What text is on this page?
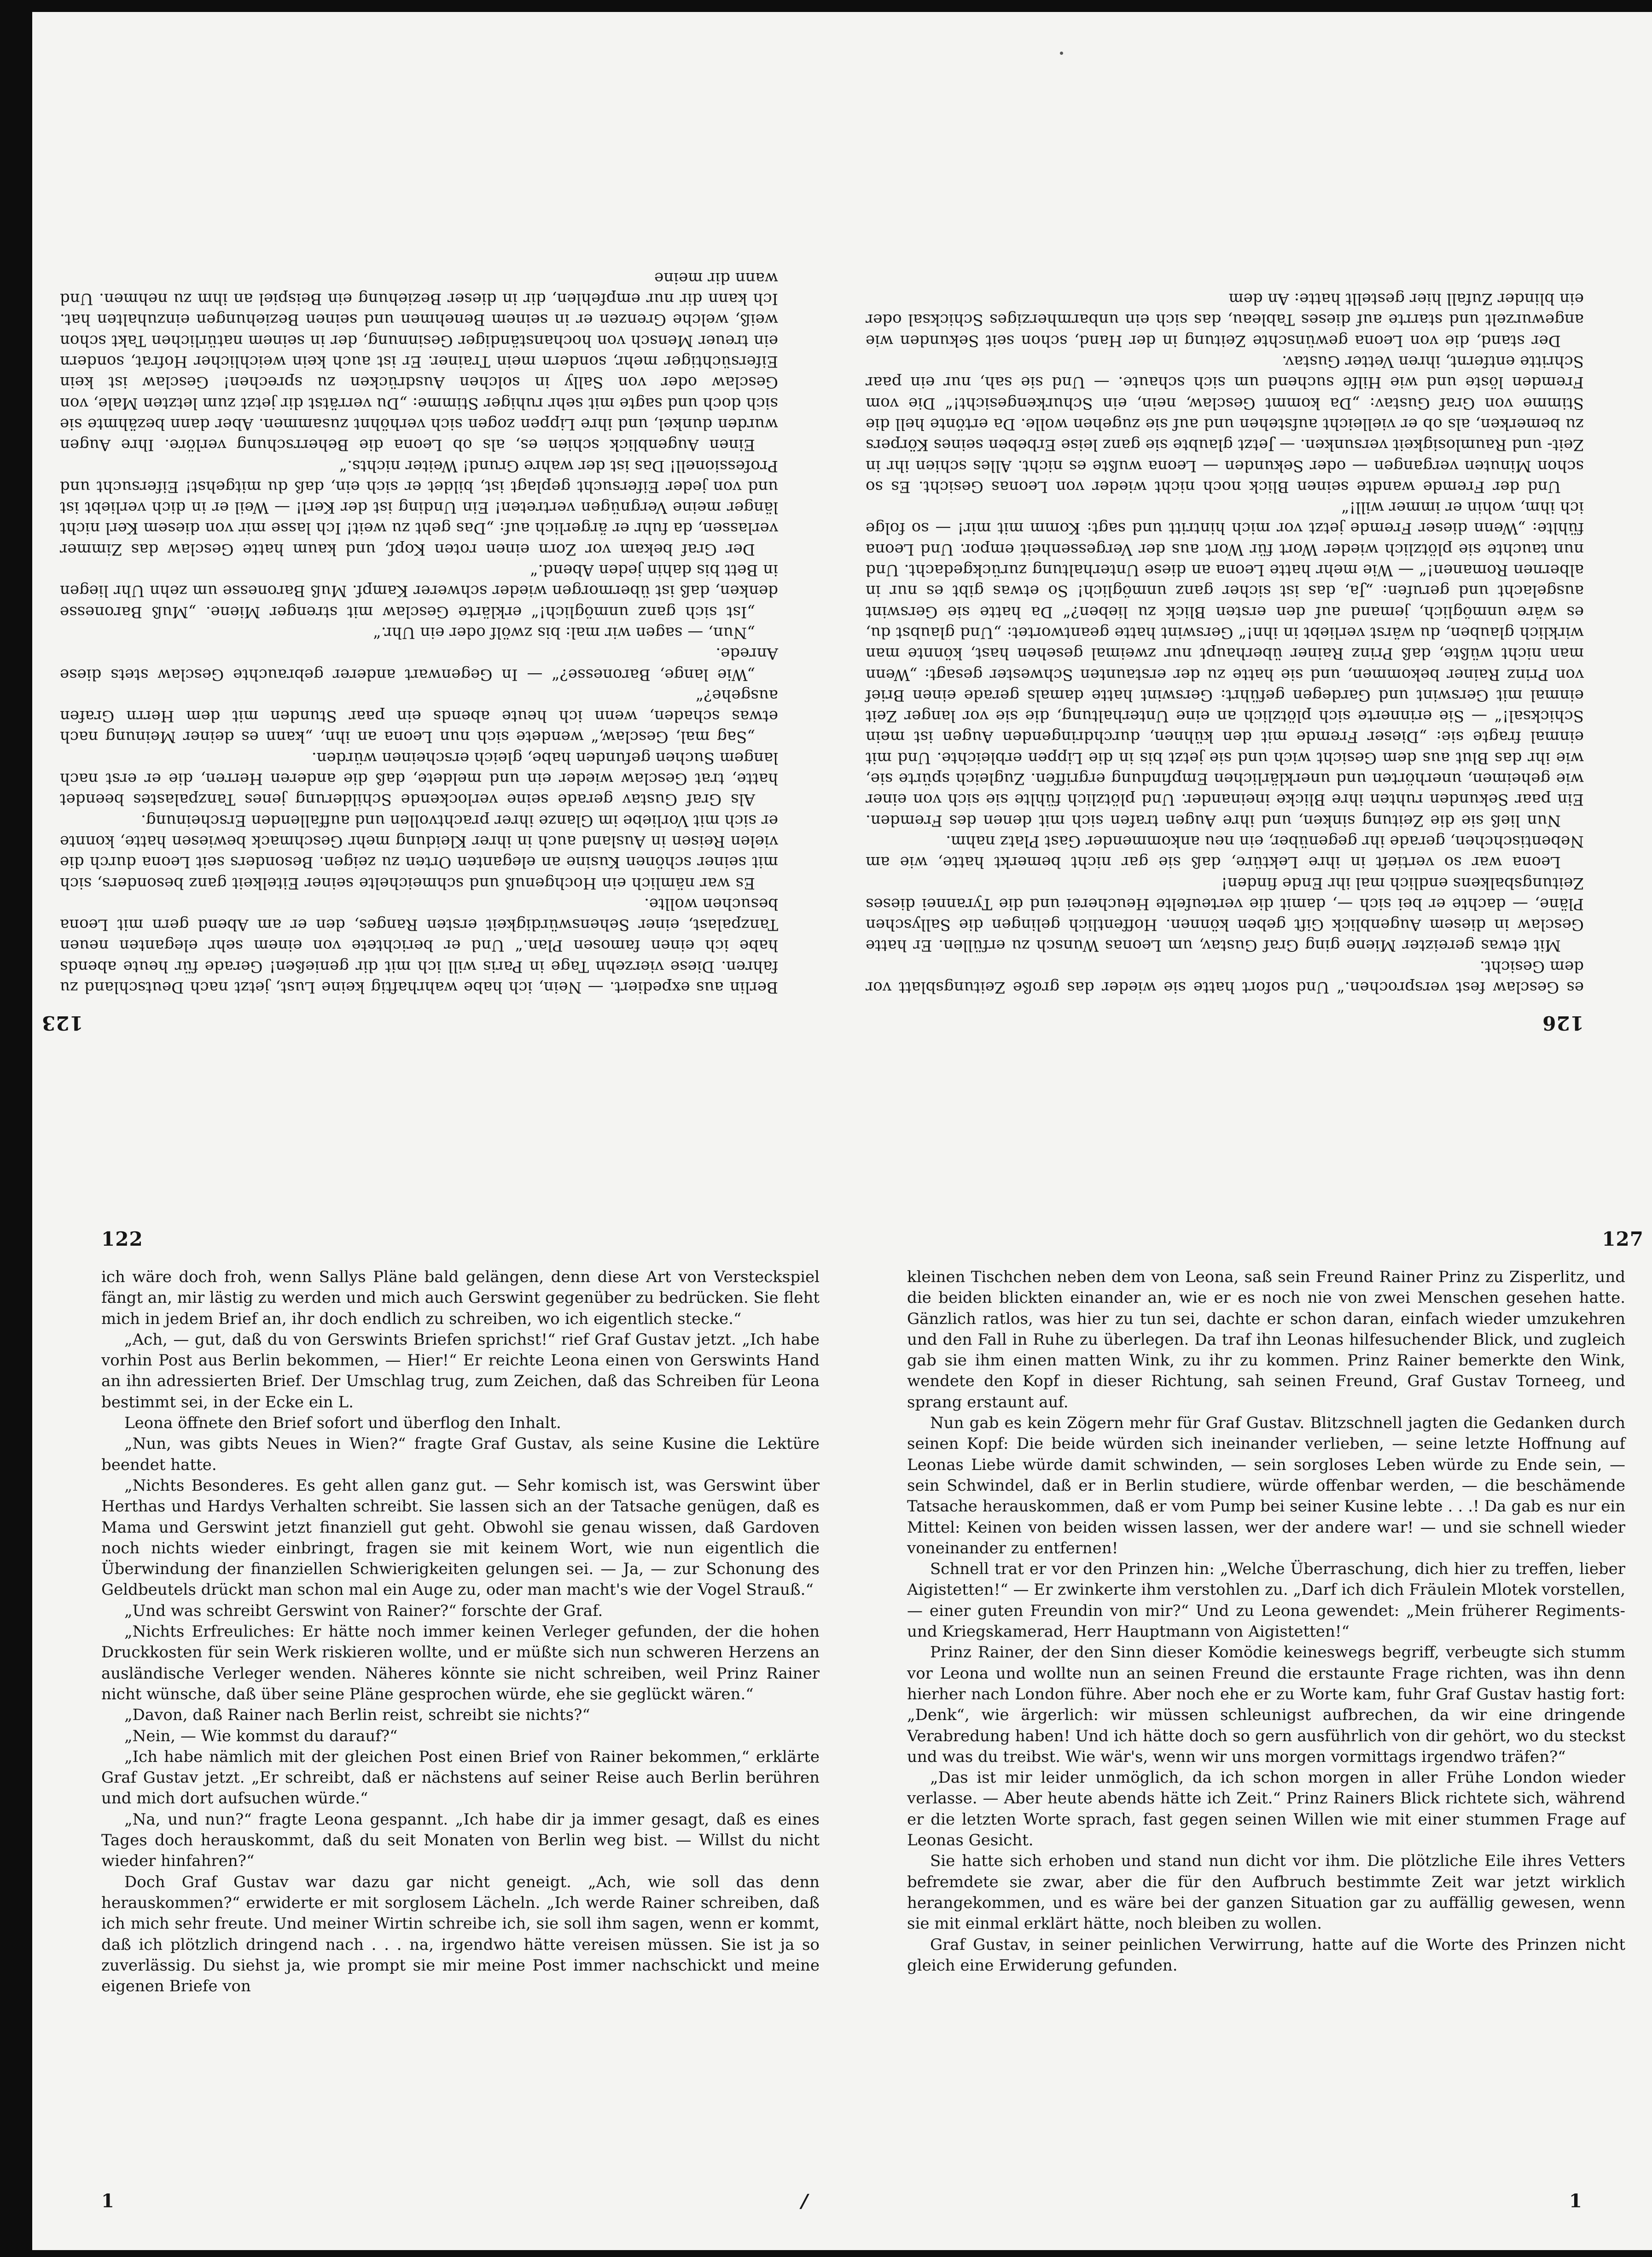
126

es Gesclaw fest versprochen.“ Und sofort hatte sie wieder das große Zeitungsblatt vor dem Gesicht.

Mit etwas gereizter Miene ging Graf Gustav, um Leonas Wunsch zu erfüllen. Er hatte Gesclaw in diesem Augenblick Gift geben können. Hoffentlich gelingen die Sallyschen Pläne, — dachte er bei sich —, damit die verteufelte Heucherei und die Tyrannei dieses Zeitungsbalkens endlich mal ihr Ende finden!

Leona war so vertieft in ihre Lektüre, daß sie gar nicht bemerkt hatte, wie am Nebentischchen, gerade ihr gegenüber, ein neu ankommender Gast Platz nahm.

Nun ließ sie die Zeitung sinken, und ihre Augen trafen sich mit denen des Fremden. Ein paar Sekunden ruhten ihre Blicke ineinander. Und plötzlich fühlte sie sich von einer wie geheimen, unerhörten und unerklärlichen Empfindung ergriffen. Zugleich spürte sie, wie ihr das Blut aus dem Gesicht wich und sie jetzt bis in die Lippen erbleichte. Und mit einmal fragte sie: „Dieser Fremde mit den kühnen, durchdringenden Augen ist mein Schicksal!“ — Sie erinnerte sich plötzlich an eine Unterhaltung, die sie vor langer Zeit einmal mit Gerswint und Gardegen geführt: Gerswint hatte damals gerade einen Brief von Prinz Rainer bekommen, und sie hatte zu der erstaunten Schwester gesagt: „Wenn man nicht wüßte, daß Prinz Rainer überhaupt nur zweimal gesehen hast, könnte man wirklich glauben, du wärst verliebt in ihn!“ Gerswint hatte geantwortet: „Und glaubst du, es wäre unmöglich, jemand auf den ersten Blick zu lieben?“ Da hatte sie Gerswint ausgelacht und gerufen: „Ja, das ist sicher ganz unmöglich! So etwas gibt es nur in albernen Romanen!“ — Wie mehr hatte Leona an diese Unterhaltung zurückgedacht. Und nun tauchte sie plötzlich wieder Wort für Wort aus der Vergessenheit empor. Und Leona fühlte: „Wenn dieser Fremde jetzt vor mich hintritt und sagt: Komm mit mir! — so folge ich ihm, wohin er immer will!“

Und der Fremde wandte seinen Blick noch nicht wieder von Leonas Gesicht. Es so schon Minuten vergangen — oder Sekunden — Leona wußte es nicht. Alles schien ihr in Zeit- und Raumlosigkeit versunken. — Jetzt glaubte sie ganz leise Erbeben seines Körpers zu bemerken, als ob er vielleicht aufstehen und auf sie zugehen wolle. Da ertönte hell die Stimme von Graf Gustav: „Da kommt Gesclaw, nein, ein Schurkengesicht!“ Die vom Fremden löste und wie Hilfe suchend um sich schaute. — Und sie sah, nur ein paar Schritte entfernt, ihren Vetter Gustav.

Der stand, die von Leona gewünschte Zeitung in der Hand, schon seit Sekunden wie angewurzelt und starrte auf dieses Tableau, das sich ein unbarmherziges Schicksal oder ein blinder Zufall hier gestellt hatte: An dem

123

Berlin aus expediert. — Nein, ich habe wahrhaftig keine Lust, jetzt nach Deutschland zu fahren. Diese vierzehn Tage in Paris will ich mit dir genießen! Gerade für heute abends habe ich einen famosen Plan.“ Und er berichtete von einem sehr eleganten neuen Tanzpalast, einer Sehenswürdigkeit ersten Ranges, den er am Abend gern mit Leona besuchen wollte.

Es war nämlich ein Hochgenuß und schmeichelte seiner Eitelkeit ganz besonders, sich mit seiner schönen Kusine an eleganten Orten zu zeigen. Besonders seit Leona durch die vielen Reisen in Ausland auch in ihrer Kleidung mehr Geschmack bewiesen hatte, konnte er sich mit Vorliebe im Glanze ihrer prachtvollen und auffallenden Erscheinung.

Als Graf Gustav gerade seine verlockende Schilderung jenes Tanzpalastes beendet hatte, trat Gesclaw wieder ein und meldete, daß die anderen Herren, die er erst nach langem Suchen gefunden habe, gleich erscheinen würden.

„Sag mal, Gesclaw,“ wendete sich nun Leona an ihn, „kann es deiner Meinung nach etwas schaden, wenn ich heute abends ein paar Stunden mit dem Herrn Grafen ausgehe?“

„Wie lange, Baronesse?“ — In Gegenwart anderer gebrauchte Gesclaw stets diese Anrede.

„Nun, — sagen wir mal: bis zwölf oder ein Uhr.“

„Ist sich ganz unmöglich!“ erklärte Gesclaw mit strenger Miene. „Muß Baronesse denken, daß ist übermorgen wieder schwerer Kampf. Muß Baronesse um zehn Uhr liegen in Bett bis dahin jeden Abend.“

Der Graf bekam vor Zorn einen roten Kopf, und kaum hatte Gesclaw das Zimmer verlassen, da fuhr er ärgerlich auf: „Das geht zu weit! Ich lasse mir von diesem Kerl nicht länger meine Vergnügen vertreten! Ein Unding ist der Kerl! — Weil er in dich verliebt ist und von jeder Eifersucht geplagt ist, bildet er sich ein, daß du mitgehst! Eifersucht und Professionell! Das ist der wahre Grund! Weiter nichts.“

Einen Augenblick schien es, als ob Leona die Beherrschung verlöre. Ihre Augen wurden dunkel, und ihre Lippen zogen sich verhöhnt zusammen. Aber dann bezähmte sie sich doch und sagte mit sehr ruhiger Stimme: „Du verrätst dir jetzt zum letzten Male, von Gesclaw oder von Sally in solchen Ausdrücken zu sprechen! Gesclaw ist kein Eifersüchtiger mehr, sondern mein Trainer. Er ist auch kein weichlicher Hofrat, sondern ein treuer Mensch von hochanständiger Gesinnung, der in seinem natürlichen Takt schon weiß, welche Grenzen er in seinem Benehmen und seinen Beziehungen einzuhalten hat. Ich kann dir nur empfehlen, dir in dieser Beziehung ein Beispiel an ihm zu nehmen. Und wann dir meine

122

ich wäre doch froh, wenn Sallys Pläne bald gelängen, denn diese Art von Versteckspiel fängt an, mir lästig zu werden und mich auch Gerswint gegenüber zu bedrücken. Sie fleht mich in jedem Brief an, ihr doch endlich zu schreiben, wo ich eigentlich stecke.“

„Ach, — gut, daß du von Gerswints Briefen sprichst!“ rief Graf Gustav jetzt. „Ich habe vorhin Post aus Berlin bekommen, — Hier!“ Er reichte Leona einen von Gerswints Hand an ihn adressierten Brief. Der Umschlag trug, zum Zeichen, daß das Schreiben für Leona bestimmt sei, in der Ecke ein L.

Leona öffnete den Brief sofort und überflog den Inhalt.

„Nun, was gibts Neues in Wien?“ fragte Graf Gustav, als seine Kusine die Lektüre beendet hatte.

„Nichts Besonderes. Es geht allen ganz gut. — Sehr komisch ist, was Gerswint über Herthas und Hardys Verhalten schreibt. Sie lassen sich an der Tatsache genügen, daß es Mama und Gerswint jetzt finanziell gut geht. Obwohl sie genau wissen, daß Gardoven noch nichts wieder einbringt, fragen sie mit keinem Wort, wie nun eigentlich die Überwindung der finanziellen Schwierigkeiten gelungen sei. — Ja, — zur Schonung des Geldbeutels drückt man schon mal ein Auge zu, oder man macht's wie der Vogel Strauß.“

„Und was schreibt Gerswint von Rainer?“ forschte der Graf.

„Nichts Erfreuliches: Er hätte noch immer keinen Verleger gefunden, der die hohen Druckkosten für sein Werk riskieren wollte, und er müßte sich nun schweren Herzens an ausländische Verleger wenden. Näheres könnte sie nicht schreiben, weil Prinz Rainer nicht wünsche, daß über seine Pläne gesprochen würde, ehe sie geglückt wären.“

„Davon, daß Rainer nach Berlin reist, schreibt sie nichts?“

„Nein, — Wie kommst du darauf?“

„Ich habe nämlich mit der gleichen Post einen Brief von Rainer bekommen,“ erklärte Graf Gustav jetzt. „Er schreibt, daß er nächstens auf seiner Reise auch Berlin berühren und mich dort aufsuchen würde.“

„Na, und nun?“ fragte Leona gespannt. „Ich habe dir ja immer gesagt, daß es eines Tages doch herauskommt, daß du seit Monaten von Berlin weg bist. — Willst du nicht wieder hinfahren?“

Doch Graf Gustav war dazu gar nicht geneigt. „Ach, wie soll das denn herauskommen?“ erwiderte er mit sorglosem Lächeln. „Ich werde Rainer schreiben, daß ich mich sehr freute. Und meiner Wirtin schreibe ich, sie soll ihm sagen, wenn er kommt, daß ich plötzlich dringend nach . . . na, irgendwo hätte vereisen müssen. Sie ist ja so zuverlässig. Du siehst ja, wie prompt sie mir meine Post immer nachschickt und meine eigenen Briefe von

127

kleinen Tischchen neben dem von Leona, saß sein Freund Rainer Prinz zu Zisperlitz, und die beiden blickten einander an, wie er es noch nie von zwei Menschen gesehen hatte. Gänzlich ratlos, was hier zu tun sei, dachte er schon daran, einfach wieder umzukehren und den Fall in Ruhe zu überlegen. Da traf ihn Leonas hilfesuchender Blick, und zugleich gab sie ihm einen matten Wink, zu ihr zu kommen. Prinz Rainer bemerkte den Wink, wendete den Kopf in dieser Richtung, sah seinen Freund, Graf Gustav Torneeg, und sprang erstaunt auf.

Nun gab es kein Zögern mehr für Graf Gustav. Blitzschnell jagten die Gedanken durch seinen Kopf: Die beide würden sich ineinander verlieben, — seine letzte Hoffnung auf Leonas Liebe würde damit schwinden, — sein sorgloses Leben würde zu Ende sein, — sein Schwindel, daß er in Berlin studiere, würde offenbar werden, — die beschämende Tatsache herauskommen, daß er vom Pump bei seiner Kusine lebte . . .! Da gab es nur ein Mittel: Keinen von beiden wissen lassen, wer der andere war! — und sie schnell wieder voneinander zu entfernen!

Schnell trat er vor den Prinzen hin: „Welche Überraschung, dich hier zu treffen, lieber Aigistetten!“ — Er zwinkerte ihm verstohlen zu. „Darf ich dich Fräulein Mlotek vorstellen, — einer guten Freundin von mir?“ Und zu Leona gewendet: „Mein früherer Regiments- und Kriegskamerad, Herr Hauptmann von Aigistetten!“

Prinz Rainer, der den Sinn dieser Komödie keineswegs begriff, verbeugte sich stumm vor Leona und wollte nun an seinen Freund die erstaunte Frage richten, was ihn denn hierher nach London führe. Aber noch ehe er zu Worte kam, fuhr Graf Gustav hastig fort: „Denk“, wie ärgerlich: wir müssen schleunigst aufbrechen, da wir eine dringende Verabredung haben! Und ich hätte doch so gern ausführlich von dir gehört, wo du steckst und was du treibst. Wie wär's, wenn wir uns morgen vormittags irgendwo träfen?“

„Das ist mir leider unmöglich, da ich schon morgen in aller Frühe London wieder verlasse. — Aber heute abends hätte ich Zeit.“ Prinz Rainers Blick richtete sich, während er die letzten Worte sprach, fast gegen seinen Willen wie mit einer stummen Frage auf Leonas Gesicht.

Sie hatte sich erhoben und stand nun dicht vor ihm. Die plötzliche Eile ihres Vetters befremdete sie zwar, aber die für den Aufbruch bestimmte Zeit war jetzt wirklich herangekommen, und es wäre bei der ganzen Situation gar zu auffällig gewesen, wenn sie mit einmal erklärt hätte, noch bleiben zu wollen.

Graf Gustav, in seiner peinlichen Verwirrung, hatte auf die Worte des Prinzen nicht gleich eine Erwiderung gefunden.

1	/	1
